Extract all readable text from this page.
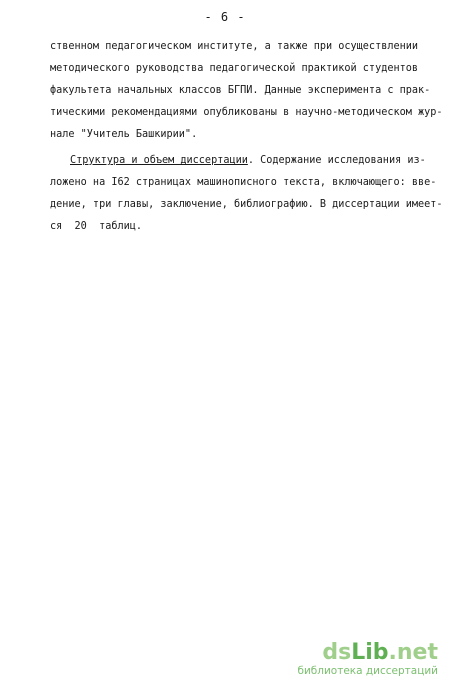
- 6 -
ственном педагогическом институте, а также при осуществлении
методического руководства педагогической практикой студентов
факультета начальных классов БГПИ. Данные эксперимента с прак-
тическими рекомендациями опубликованы в научно-методическом жур-
нале "Учитель Башкирии".
Структура и объем диссертации. Содержание исследования из-
ложено на I62 страницах машинописного текста, включающего: вве-
дение, три главы, заключение, библиографию. В диссертации имеет-
ся  20  таблиц.
dsLib.net
библиотека диссертаций
